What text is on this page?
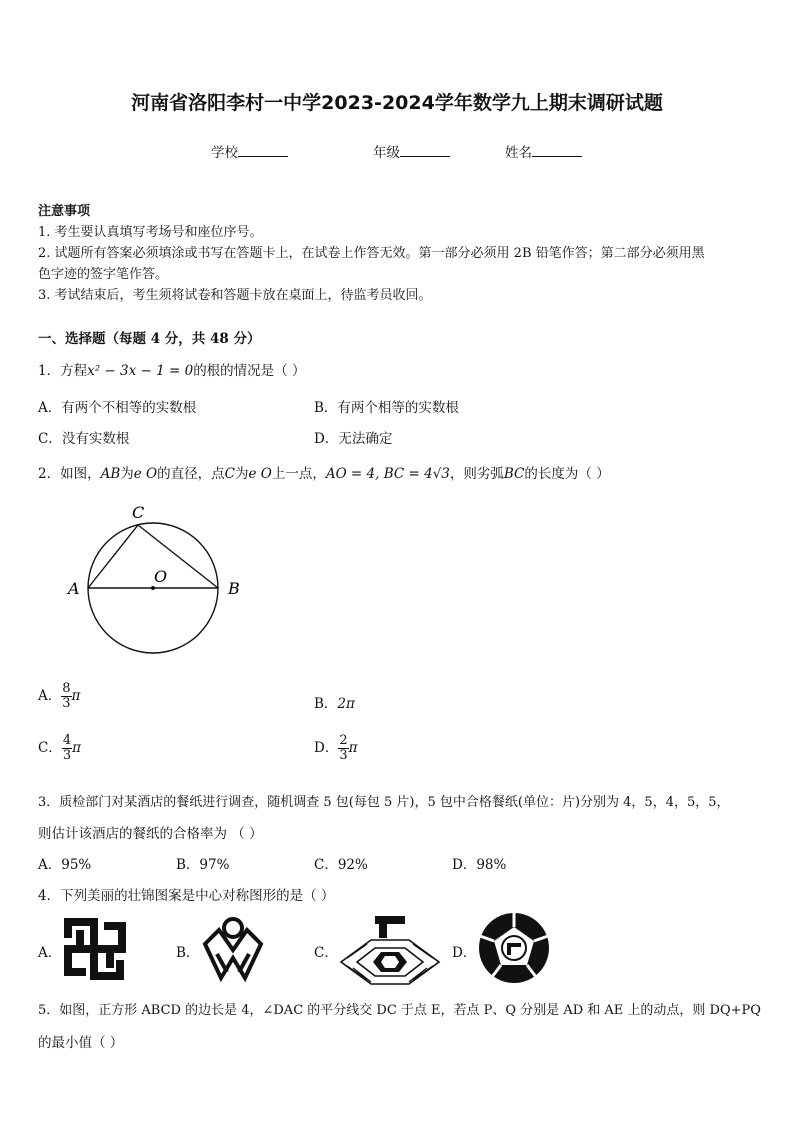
河南省洛阳李村一中学2023-2024学年数学九上期末调研试题
学校	年级	姓名
注意事项
1. 考生要认真填写考场号和座位序号。
2. 试题所有答案必须填涂或书写在答题卡上，在试卷上作答无效。第一部分必须用 2B 铅笔作答；第二部分必须用黑
色字迹的签字笔作答。
3. 考试结束后，考生须将试卷和答题卡放在桌面上，待监考员收回。
一、选择题（每题 4 分，共 48 分）
1．方程x² − 3x − 1 = 0的根的情况是（ ）
A．有两个不相等的实数根	B．有两个相等的实数根
C．没有实数根	D．无法确定
2．如图，AB为e O的直径，点C为e O上一点，AO = 4, BC = 4√3，则劣弧BC的长度为（ ）
A	B
C
O
A． $\frac{8}{3}$ π	B．2π
C． $\frac{4}{3}$ π	D． $\frac{2}{3}$ π
3．质检部门对某酒店的餐纸进行调查，随机调查 5 包(每包 5 片)，5 包中合格餐纸(单位：片)分别为 4，5，4，5，5，
则估计该酒店的餐纸的合格率为 （ ）
A．95%	B．97%	C．92%	D．98%
4．下列美丽的壮锦图案是中心对称图形的是（ ）
A．	B．	C．	D．
5．如图，正方形 ABCD 的边长是 4，∠DAC 的平分线交 DC 于点 E，若点 P、Q 分别是 AD 和 AE 上的动点，则 DQ+PQ
的最小值（ ）
